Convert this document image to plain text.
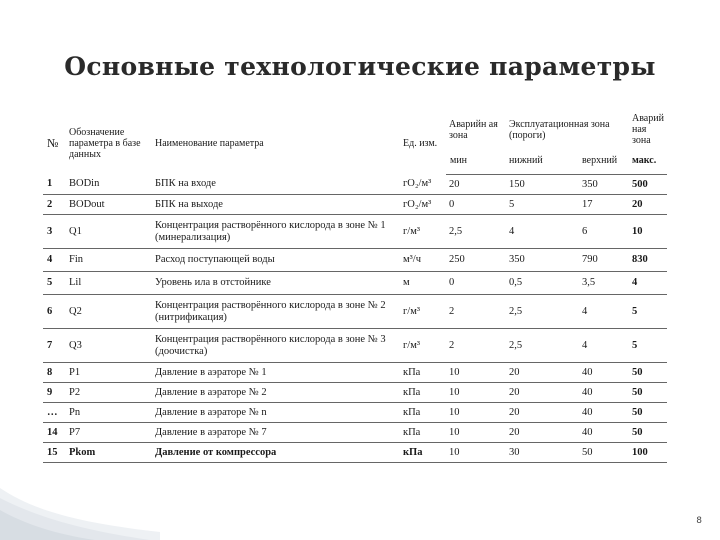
Основные технологические параметры
№	Обозначение параметра в базе данных	Наименование параметра	Ед. изм.	Аварийн ая зона	Эксплуатационная зона (пороги)		Аварий ная зона
				мин	нижний	верхний	макс.
1	BODin	БПК на входе	гО₂/м³	20	150	350	500
2	BODout	БПК на выходе	гО₂/м³	0	5	17	20
3	Q1	Концентрация растворённого кислорода в зоне № 1 (минерализация)	г/м³	2,5	4	6	10
4	Fin	Расход поступающей воды	м³/ч	250	350	790	830
5	Lil	Уровень ила в отстойнике	м	0	0,5	3,5	4
6	Q2	Концентрация растворённого кислорода в зоне № 2 (нитрификация)	г/м³	2	2,5	4	5
7	Q3	Концентрация растворённого кислорода в зоне № 3 (доочистка)	г/м³	2	2,5	4	5
8	P1	Давление в аэраторе № 1	кПа	10	20	40	50
9	P2	Давление в аэраторе № 2	кПа	10	20	40	50
…	Pn	Давление в аэраторе № n	кПа	10	20	40	50
14	P7	Давление в аэраторе № 7	кПа	10	20	40	50
15	Pkom	Давление от компрессора	кПа	10	30	50	100
8
